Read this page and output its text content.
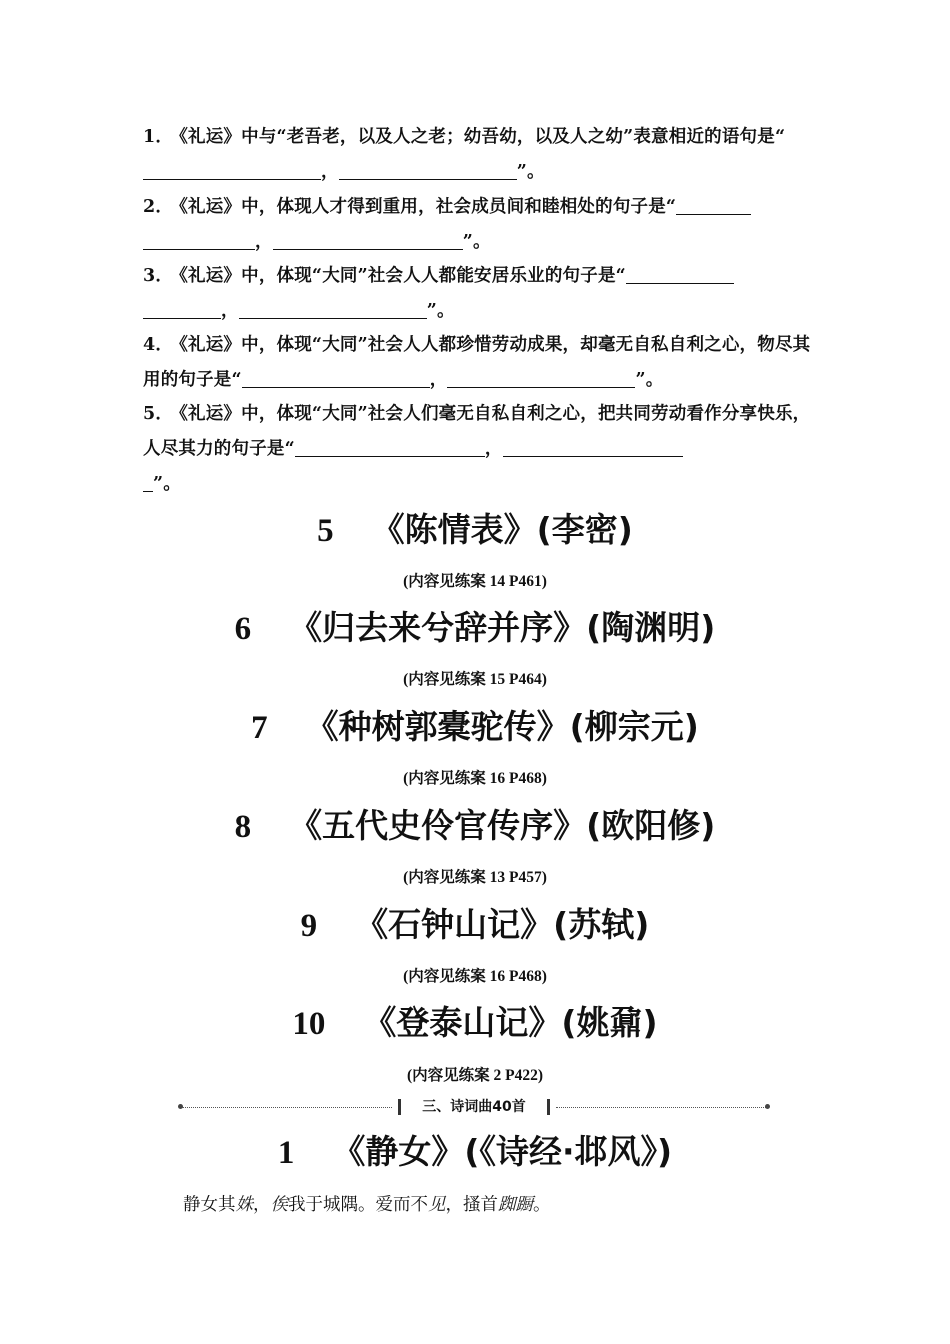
1． 《礼运》中与“老吾老，以及人之老；幼吾幼，以及人之幼”表意相近的语句是“，	”。
2． 《礼运》中，体现人才得到重用，社会成员间和睦相处的句子是“
，	”。
3． 《礼运》中，体现“大同”社会人人都能安居乐业的句子是“
，	”。
4． 《礼运》中，体现“大同”社会人人都珍惜劳动成果，却毫无自私自利之心，物尽其用的句子是“	，	”。
5． 《礼运》中，体现“大同”社会人们毫无自私自利之心，把共同劳动看作分享快乐，人尽其力的句子是“	，
”。
5 《陈情表》(李密)
(内容见练案 14 P461)
6 《归去来兮辞并序》(陶渊明)
(内容见练案 15 P464)
7 《种树郭橐驼传》(柳宗元)
(内容见练案 16 P468)
8 《五代史伶官传序》(欧阳修)
(内容见练案 13 P457)
9 《石钟山记》(苏轼)
(内容见练案 16 P468)
10 《登泰山记》(姚鼐)
(内容见练案 2 P422)
三、诗词曲40首
1 《静女》(《诗经·邶风》)
静女其姝，俟我于城隅。爱而不见，搔首踟蹰。
